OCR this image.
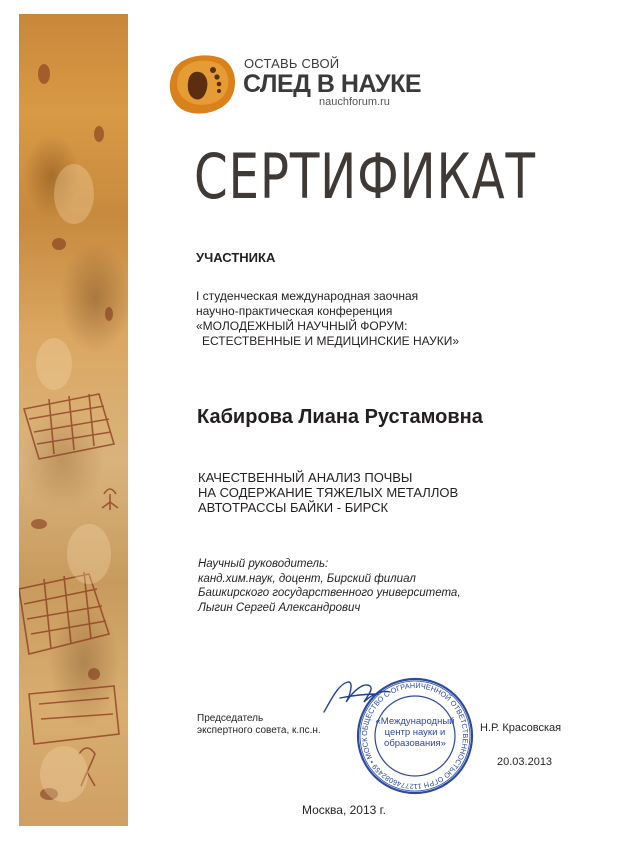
ОСТАВЬ СВОЙ
СЛЕД В НАУКЕ
nauchforum.ru
СЕРТИФИКАТ
УЧАСТНИКА
I студенческая международная заочная
научно-практическая конференция
«МОЛОДЕЖНЫЙ НАУЧНЫЙ ФОРУМ:
ЕСТЕСТВЕННЫЕ И МЕДИЦИНСКИЕ НАУКИ»
Кабирова Лиана Рустамовна
КАЧЕСТВЕННЫЙ АНАЛИЗ ПОЧВЫ
НА СОДЕРЖАНИЕ ТЯЖЕЛЫХ МЕТАЛЛОВ
АВТОТРАССЫ БАЙКИ - БИРСК
Научный руководитель:
канд.хим.наук, доцент, Бирский филиал
Башкирского государственного университета,
Лыгин Сергей Александрович
Председатель
экспертного совета, к.пс.н.	ОБЩЕСТВО С ОГРАНИЧЕННОЙ ОТВЕТСТВЕННОСТЬЮ ОГРН 1127746082459 • МОСК
«Международный центр науки и образования»
Н.Р. Красовская
20.03.2013
Москва, 2013 г.
